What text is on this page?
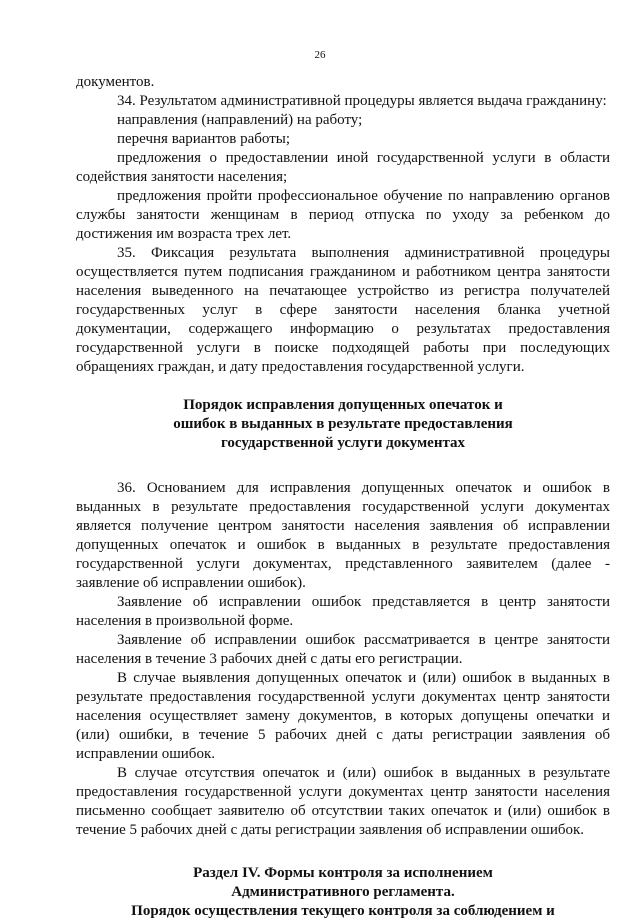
26

документов.

34. Результатом административной процедуры является выдача гражданину:

направления (направлений) на работу;

перечня вариантов работы;

предложения о предоставлении иной государственной услуги в области содействия занятости населения;

предложения пройти профессиональное обучение по направлению органов службы занятости женщинам в период отпуска по уходу за ребенком до достижения им возраста трех лет.

35. Фиксация результата выполнения административной процедуры осуществляется путем подписания гражданином и работником центра занятости населения выведенного на печатающее устройство из регистра получателей государственных услуг в сфере занятости населения бланка учетной документации, содержащего информацию о результатах предоставления государственной услуги в поиске подходящей работы при последующих обращениях граждан, и дату предоставления государственной услуги.

Порядок исправления допущенных опечаток и

ошибок в выданных в результате предоставления

государственной услуги документах

36. Основанием для исправления допущенных опечаток и ошибок в выданных в результате предоставления государственной услуги документах является получение центром занятости населения заявления об исправлении допущенных опечаток и ошибок в выданных в результате предоставления государственной услуги документах, представленного заявителем (далее - заявление об исправлении ошибок).

Заявление об исправлении ошибок представляется в центр занятости населения в произвольной форме.

Заявление об исправлении ошибок рассматривается в центре занятости населения в течение 3 рабочих дней с даты его регистрации.

В случае выявления допущенных опечаток и (или) ошибок в выданных в результате предоставления государственной услуги документах центр занятости населения осуществляет замену документов, в которых допущены опечатки и (или) ошибки, в течение 5 рабочих дней с даты регистрации заявления об исправлении ошибок.

В случае отсутствия опечаток и (или) ошибок в выданных в результате предоставления государственной услуги документах центр занятости населения письменно сообщает заявителю об отсутствии таких опечаток и (или) ошибок в течение 5 рабочих дней с даты регистрации заявления об исправлении ошибок.

Раздел IV. Формы контроля за исполнением

Административного регламента.

Порядок осуществления текущего контроля за соблюдением и
